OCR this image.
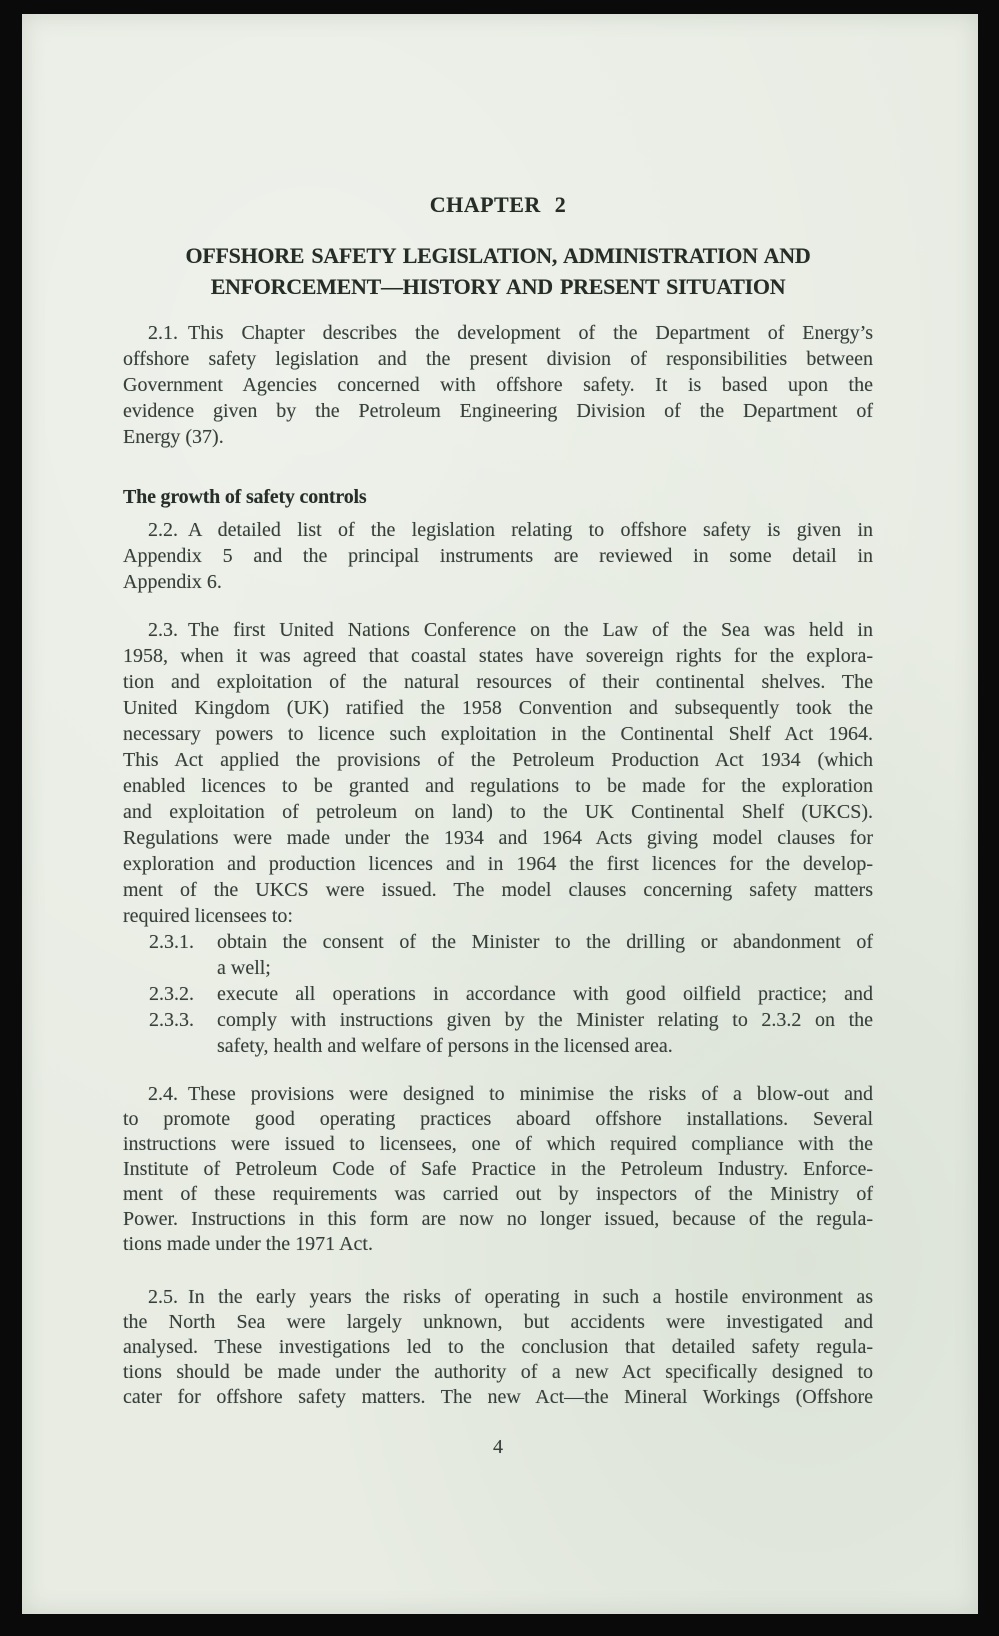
CHAPTER 2
OFFSHORE SAFETY LEGISLATION, ADMINISTRATION AND
ENFORCEMENT—HISTORY AND PRESENT SITUATION
2.1. This Chapter describes the development of the Department of Energy’s
offshore safety legislation and the present division of responsibilities between
Government Agencies concerned with offshore safety. It is based upon the
evidence given by the Petroleum Engineering Division of the Department of
Energy (37).
The growth of safety controls
2.2. A detailed list of the legislation relating to offshore safety is given in
Appendix 5 and the principal instruments are reviewed in some detail in
Appendix 6.
2.3. The first United Nations Conference on the Law of the Sea was held in
1958, when it was agreed that coastal states have sovereign rights for the explora-
tion and exploitation of the natural resources of their continental shelves. The
United Kingdom (UK) ratified the 1958 Convention and subsequently took the
necessary powers to licence such exploitation in the Continental Shelf Act 1964.
This Act applied the provisions of the Petroleum Production Act 1934 (which
enabled licences to be granted and regulations to be made for the exploration
and exploitation of petroleum on land) to the UK Continental Shelf (UKCS).
Regulations were made under the 1934 and 1964 Acts giving model clauses for
exploration and production licences and in 1964 the first licences for the develop-
ment of the UKCS were issued. The model clauses concerning safety matters
required licensees to:
2.3.1. obtain the consent of the Minister to the drilling or abandonment of
a well;
2.3.2. execute all operations in accordance with good oilfield practice; and
2.3.3. comply with instructions given by the Minister relating to 2.3.2 on the
safety, health and welfare of persons in the licensed area.
2.4. These provisions were designed to minimise the risks of a blow-out and
to promote good operating practices aboard offshore installations. Several
instructions were issued to licensees, one of which required compliance with the
Institute of Petroleum Code of Safe Practice in the Petroleum Industry. Enforce-
ment of these requirements was carried out by inspectors of the Ministry of
Power. Instructions in this form are now no longer issued, because of the regula-
tions made under the 1971 Act.
2.5. In the early years the risks of operating in such a hostile environment as
the North Sea were largely unknown, but accidents were investigated and
analysed. These investigations led to the conclusion that detailed safety regula-
tions should be made under the authority of a new Act specifically designed to
cater for offshore safety matters. The new Act—the Mineral Workings (Offshore
4
